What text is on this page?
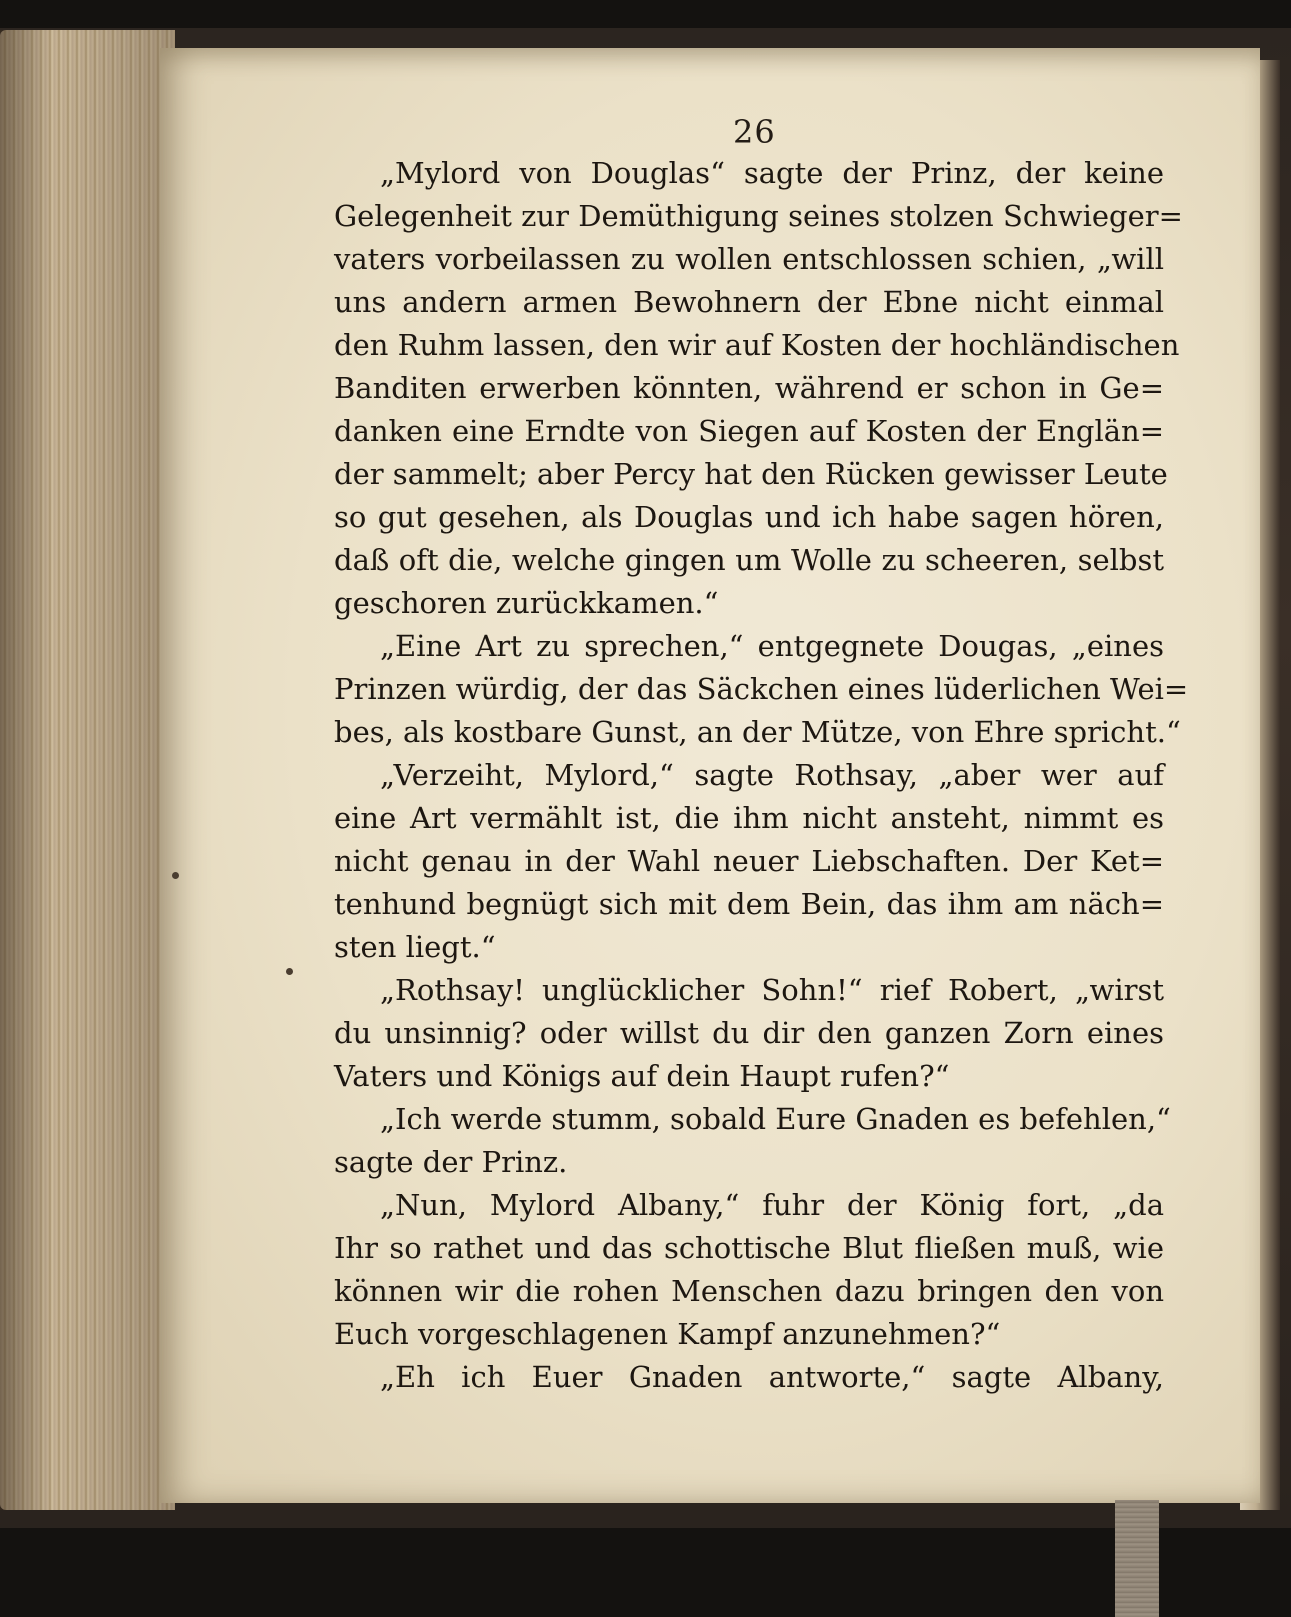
26
„Mylord von Douglas“ sagte der Prinz, der keine
Gelegenheit zur Demüthigung seines stolzen Schwieger=
vaters vorbeilassen zu wollen entschlossen schien, „will
uns andern armen Bewohnern der Ebne nicht einmal
den Ruhm lassen, den wir auf Kosten der hochländischen
Banditen erwerben könnten, während er schon in Ge=
danken eine Erndte von Siegen auf Kosten der Englän=
der sammelt; aber Percy hat den Rücken gewisser Leute
so gut gesehen, als Douglas und ich habe sagen hören,
daß oft die, welche gingen um Wolle zu scheeren, selbst
geschoren zurückkamen.“
„Eine Art zu sprechen,“ entgegnete Dougas, „eines
Prinzen würdig, der das Säckchen eines lüderlichen Wei=
bes, als kostbare Gunst, an der Mütze, von Ehre spricht.“
„Verzeiht, Mylord,“ sagte Rothsay, „aber wer auf
eine Art vermählt ist, die ihm nicht ansteht, nimmt es
nicht genau in der Wahl neuer Liebschaften. Der Ket=
tenhund begnügt sich mit dem Bein, das ihm am näch=
sten liegt.“
„Rothsay! unglücklicher Sohn!“ rief Robert, „wirst
du unsinnig? oder willst du dir den ganzen Zorn eines
Vaters und Königs auf dein Haupt rufen?“
„Ich werde stumm, sobald Eure Gnaden es befehlen,“
sagte der Prinz.
„Nun, Mylord Albany,“ fuhr der König fort, „da
Ihr so rathet und das schottische Blut fließen muß, wie
können wir die rohen Menschen dazu bringen den von
Euch vorgeschlagenen Kampf anzunehmen?“
„Eh ich Euer Gnaden antworte,“ sagte Albany,
